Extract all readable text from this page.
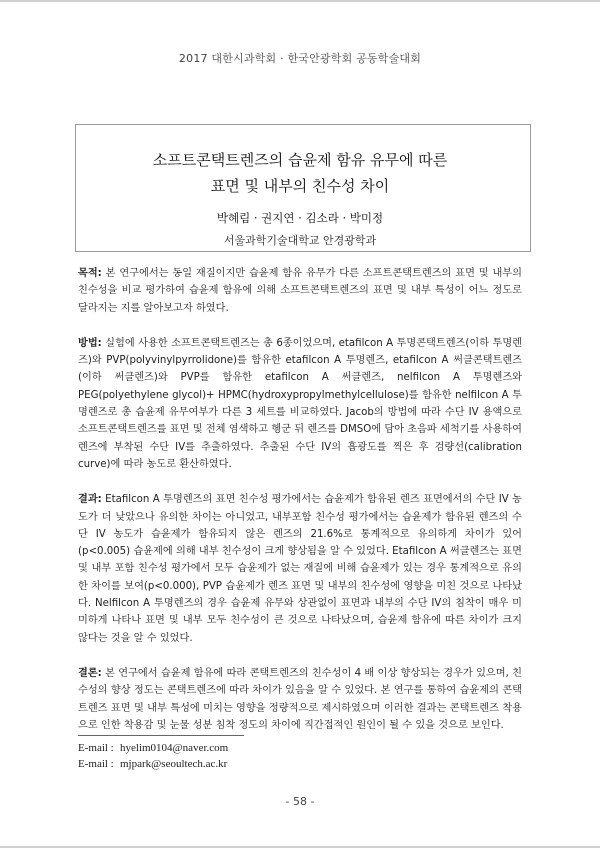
2017 대한시과학회 · 한국안광학회 공동학술대회
소프트콘택트렌즈의 습윤제 함유 유무에 따른
표면 및 내부의 친수성 차이
박혜림 · 권지연 · 김소라 · 박미정
서울과학기술대학교 안경광학과

목적: 본 연구에서는 동일 재질이지만 습윤제 함유 유무가 다른 소프트콘택트렌즈의 표면 및 내부의 친수성을 비교 평가하여 습윤제 함유에 의해 소프트콘택트렌즈의 표면 및 내부 특성이 어느 정도로 달라지는 지를 알아보고자 하였다.

방법: 실험에 사용한 소프트콘택트렌즈는 총 6종이었으며, etafilcon A 투명콘택트렌즈(이하 투명렌즈)와 PVP(polyvinylpyrrolidone)를 함유한 etafilcon A 투명렌즈, etafilcon A 써클콘택트렌즈(이하 써클렌즈)와 PVP를 함유한 etafilcon A 써클렌즈, nelfilcon A 투명렌즈와 PEG(polyethylene glycol)+ HPMC(hydroxypropylmethylcellulose)를 함유한 nelfilcon A 투명렌즈로 총 습윤제 유무여부가 다른 3 세트를 비교하였다. Jacob의 방법에 따라 수단 IV 용액으로 소프트콘택트렌즈를 표면 및 전체 염색하고 헹군 뒤 렌즈를 DMSO에 담아 초음파 세척기를 사용하여 렌즈에 부착된 수단 IV를 추출하였다. 추출된 수단 IV의 흡광도를 찍은 후 검량선(calibration curve)에 따라 농도로 환산하였다.

결과: Etafilcon A 투명렌즈의 표면 친수성 평가에서는 습윤제가 함유된 렌즈 표면에서의 수단 IV 농도가 더 낮았으나 유의한 차이는 아니었고, 내부포함 친수성 평가에서는 습윤제가 함유된 렌즈의 수단 IV 농도가 습윤제가 함유되지 않은 렌즈의 21.6%로 통계적으로 유의하게 차이가 있어(p<0.005) 습윤제에 의해 내부 친수성이 크게 향상됨을 알 수 있었다. Etafilcon A 써클렌즈는 표면 및 내부 포함 친수성 평가에서 모두 습윤제가 없는 재질에 비해 습윤제가 있는 경우 통계적으로 유의한 차이를 보여(p<0.000), PVP 습윤제가 렌즈 표면 및 내부의 친수성에 영향을 미친 것으로 나타났다. Nelfilcon A 투명렌즈의 경우 습윤제 유무와 상관없이 표면과 내부의 수단 IV의 침착이 매우 미미하게 나타나 표면 및 내부 모두 친수성이 큰 것으로 나타났으며, 습윤제 함유에 따른 차이가 크지 않다는 것을 알 수 있었다.

결론: 본 연구에서 습윤제 함유에 따라 콘택트렌즈의 친수성이 4 배 이상 향상되는 경우가 있으며, 친수성의 향상 정도는 콘택트렌즈에 따라 차이가 있음을 알 수 있었다. 본 연구를 통하여 습윤제의 콘택트렌즈 표면 및 내부 특성에 미치는 영향을 정량적으로 제시하였으며 이러한 결과는 콘택트렌즈 착용으로 인한 착용감 및 눈물 성분 침착 정도의 차이에 직간접적인 원인이 될 수 있을 것으로 보인다.

E-mail : hyelim0104@naver.com
E-mail : mjpark@seoultech.ac.kr
- 58 -
